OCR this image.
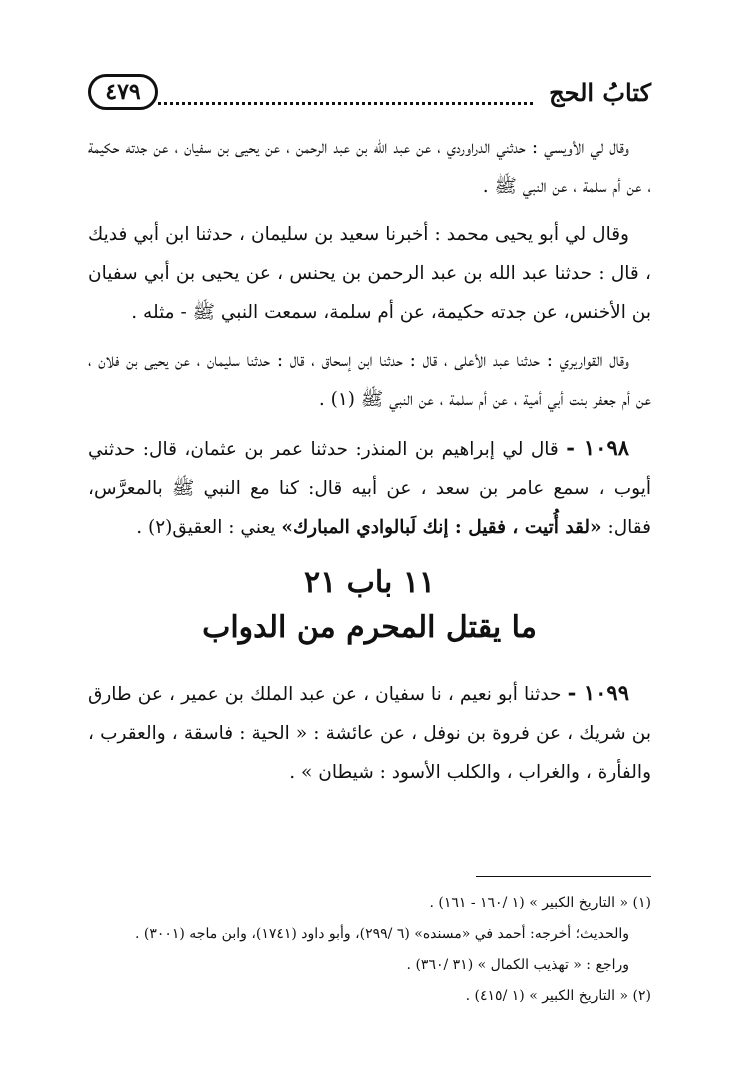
كتابُ الحج
٤٧٩

وقال لي الأويسي : حدثني الدراوردي ، عن عبد الله بن عبد الرحمن ، عن يحيى بن سفيان ، عن جدته حكيمة ، عن أم سلمة ، عن النبي ﷺ .

وقال لي أبو يحيى محمد : أخبرنا سعيد بن سليمان ، حدثنا ابن أبي فديك ، قال : حدثنا عبد الله بن عبد الرحمن بن يحنس ، عن يحيى بن أبي سفيان بن الأخنس، عن جدته حكيمة، عن أم سلمة، سمعت النبي ﷺ - مثله .

وقال القواريري : حدثنا عبد الأعلى ، قال : حدثنا ابن إسحاق ، قال : حدثنا سليمان ، عن يحيى بن فلان ، عن أم جعفر بنت أبي أمية ، عن أم سلمة ، عن النبي ﷺ (١) .

١٠٩٨ - قال لي إبراهيم بن المنذر: حدثنا عمر بن عثمان، قال: حدثني أيوب ، سمع عامر بن سعد ، عن أبيه قال: كنا مع النبي ﷺ بالمعرَّس، فقال: «لقد أُتيت ، فقيل : إنك لَبالوادي المبارك» يعني : العقيق(٢) .

١١ باب ٢١
ما يقتل المحرم من الدواب

١٠٩٩ - حدثنا أبو نعيم ، نا سفيان ، عن عبد الملك بن عمير ، عن طارق بن شريك ، عن فروة بن نوفل ، عن عائشة : « الحية : فاسقة ، والعقرب ، والفأرة ، والغراب ، والكلب الأسود : شيطان » .

(١) « التاريخ الكبير » (١ /١٦٠ - ١٦١) .

والحديث؛ أخرجه: أحمد في «مسنده» (٦ /٢٩٩)، وأبو داود (١٧٤١)، وابن ماجه (٣٠٠١) .

وراجع : « تهذيب الكمال » (٣١ /٣٦٠) .

(٢) « التاريخ الكبير » (١ /٤١٥) .
